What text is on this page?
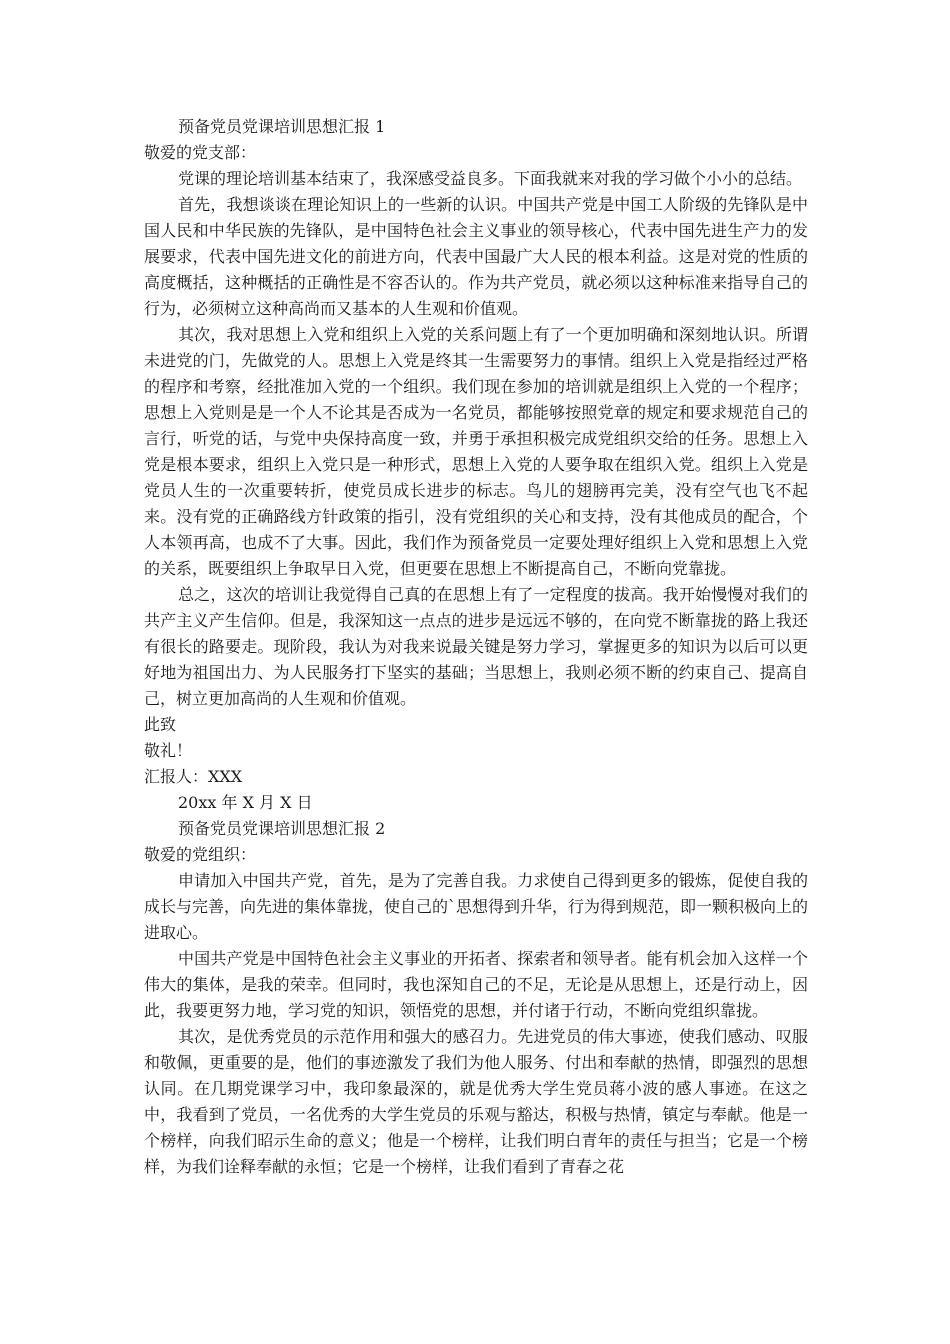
预备党员党课培训思想汇报 1

敬爱的党支部：

党课的理论培训基本结束了，我深感受益良多。下面我就来对我的学习做个小小的总结。

首先，我想谈谈在理论知识上的一些新的认识。中国共产党是中国工人阶级的先锋队是中国人民和中华民族的先锋队，是中国特色社会主义事业的领导核心，代表中国先进生产力的发展要求，代表中国先进文化的前进方向，代表中国最广大人民的根本利益。这是对党的性质的高度概括，这种概括的正确性是不容否认的。作为共产党员，就必须以这种标准来指导自己的行为，必须树立这种高尚而又基本的人生观和价值观。

其次，我对思想上入党和组织上入党的关系问题上有了一个更加明确和深刻地认识。所谓未进党的门，先做党的人。思想上入党是终其一生需要努力的事情。组织上入党是指经过严格的程序和考察，经批准加入党的一个组织。我们现在参加的培训就是组织上入党的一个程序；思想上入党则是是一个人不论其是否成为一名党员，都能够按照党章的规定和要求规范自己的言行，听党的话，与党中央保持高度一致，并勇于承担积极完成党组织交给的任务。思想上入党是根本要求，组织上入党只是一种形式，思想上入党的人要争取在组织入党。组织上入党是党员人生的一次重要转折，使党员成长进步的标志。鸟儿的翅膀再完美，没有空气也飞不起来。没有党的正确路线方针政策的指引，没有党组织的关心和支持，没有其他成员的配合，个人本领再高，也成不了大事。因此，我们作为预备党员一定要处理好组织上入党和思想上入党的关系，既要组织上争取早日入党，但更要在思想上不断提高自己，不断向党靠拢。

总之，这次的培训让我觉得自己真的在思想上有了一定程度的拔高。我开始慢慢对我们的共产主义产生信仰。但是，我深知这一点点的进步是远远不够的，在向党不断靠拢的路上我还有很长的路要走。现阶段，我认为对我来说最关键是努力学习，掌握更多的知识为以后可以更好地为祖国出力、为人民服务打下坚实的基础；当思想上，我则必须不断的约束自己、提高自己，树立更加高尚的人生观和价值观。

此致

敬礼！

汇报人：XXX

20xx 年 X 月 X 日

预备党员党课培训思想汇报 2

敬爱的党组织：

申请加入中国共产党，首先，是为了完善自我。力求使自己得到更多的锻炼，促使自我的成长与完善，向先进的集体靠拢，使自己的`思想得到升华，行为得到规范，即一颗积极向上的进取心。

中国共产党是中国特色社会主义事业的开拓者、探索者和领导者。能有机会加入这样一个伟大的集体，是我的荣幸。但同时，我也深知自己的不足，无论是从思想上，还是行动上，因此，我要更努力地，学习党的知识，领悟党的思想，并付诸于行动，不断向党组织靠拢。

其次，是优秀党员的示范作用和强大的感召力。先进党员的伟大事迹，使我们感动、叹服和敬佩，更重要的是，他们的事迹激发了我们为他人服务、付出和奉献的热情，即强烈的思想认同。在几期党课学习中，我印象最深的，就是优秀大学生党员蒋小波的感人事迹。在这之中，我看到了党员，一名优秀的大学生党员的乐观与豁达，积极与热情，镇定与奉献。他是一个榜样，向我们昭示生命的意义；他是一个榜样，让我们明白青年的责任与担当；它是一个榜样，为我们诠释奉献的永恒；它是一个榜样，让我们看到了青春之花
